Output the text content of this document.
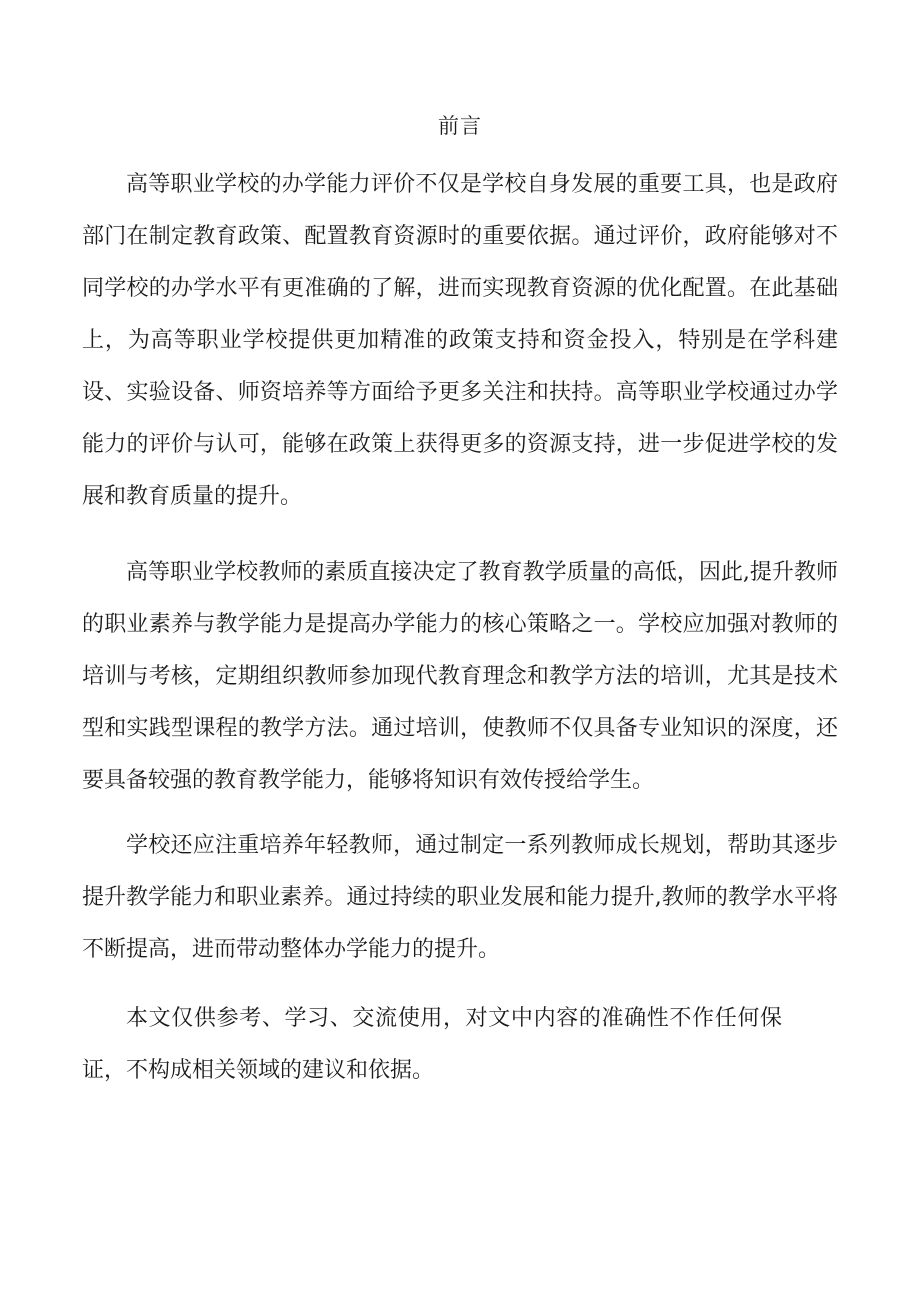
前言

高等职业学校的办学能力评价不仅是学校自身发展的重要工具，也是政府部门在制定教育政策、配置教育资源时的重要依据。通过评价，政府能够对不同学校的办学水平有更准确的了解，进而实现教育资源的优化配置。在此基础上，为高等职业学校提供更加精准的政策支持和资金投入，特别是在学科建设、实验设备、师资培养等方面给予更多关注和扶持。高等职业学校通过办学能力的评价与认可，能够在政策上获得更多的资源支持，进一步促进学校的发展和教育质量的提升。

高等职业学校教师的素质直接决定了教育教学质量的高低，因此,提升教师的职业素养与教学能力是提高办学能力的核心策略之一。学校应加强对教师的培训与考核，定期组织教师参加现代教育理念和教学方法的培训，尤其是技术型和实践型课程的教学方法。通过培训，使教师不仅具备专业知识的深度，还要具备较强的教育教学能力，能够将知识有效传授给学生。

学校还应注重培养年轻教师，通过制定一系列教师成长规划，帮助其逐步提升教学能力和职业素养。通过持续的职业发展和能力提升,教师的教学水平将不断提高，进而带动整体办学能力的提升。

本文仅供参考、学习、交流使用，对文中内容的准确性不作任何保证，不构成相关领域的建议和依据。
